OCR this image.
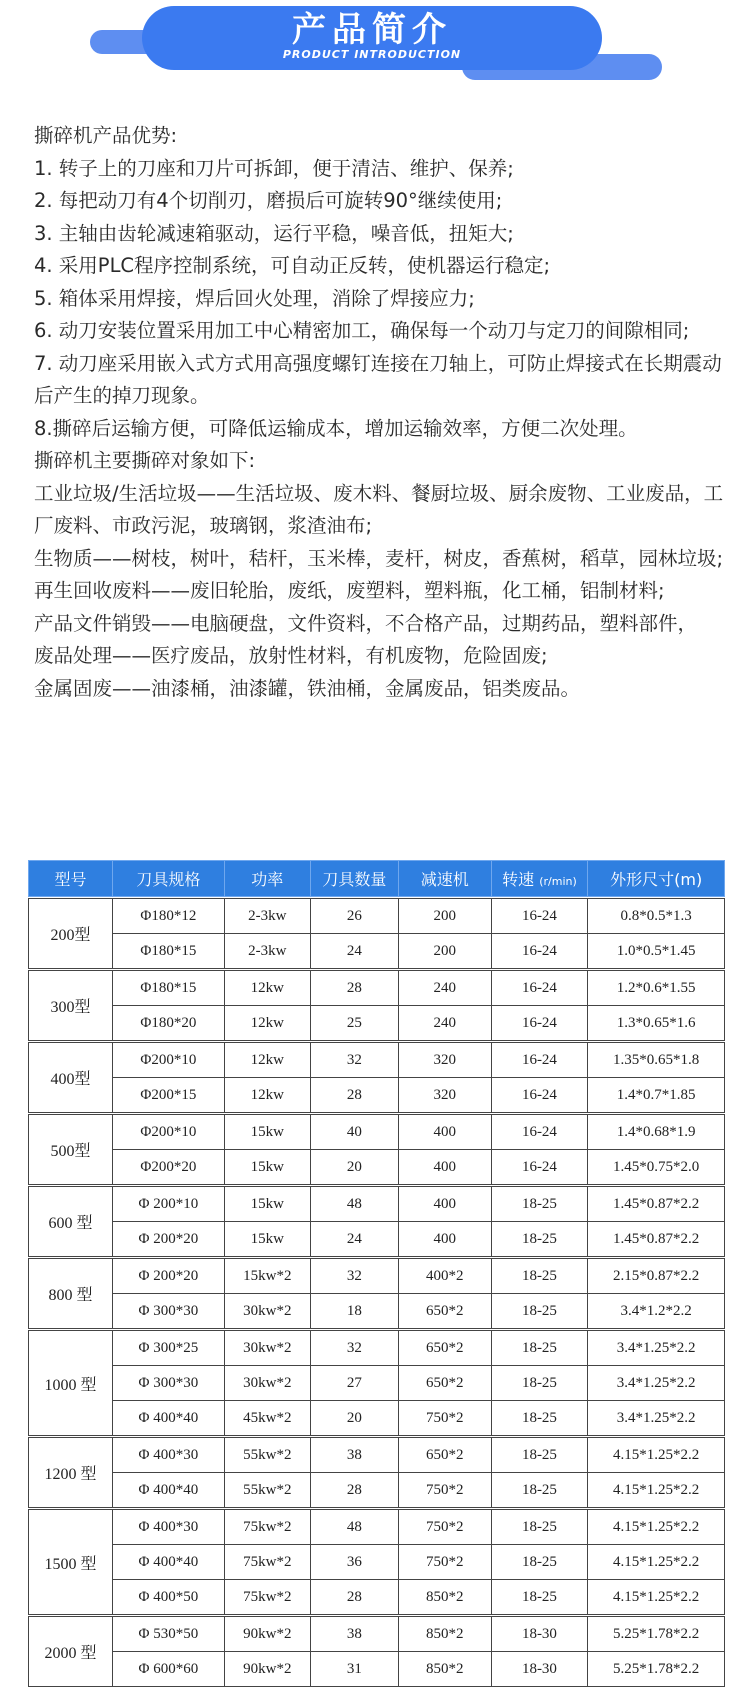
产品简介
PRODUCT INTRODUCTION

撕碎机产品优势:

1. 转子上的刀座和刀片可拆卸，便于清洁、维护、保养;

2. 每把动刀有4个切削刃，磨损后可旋转90°继续使用;

3. 主轴由齿轮减速箱驱动，运行平稳，噪音低，扭矩大;

4. 采用PLC程序控制系统，可自动正反转，使机器运行稳定;

5. 箱体采用焊接，焊后回火处理，消除了焊接应力;

6. 动刀安装位置采用加工中心精密加工，确保每一个动刀与定刀的间隙相同;

7. 动刀座采用嵌入式方式用高强度螺钉连接在刀轴上，可防止焊接式在长期震动后产生的掉刀现象。

8.撕碎后运输方便，可降低运输成本，增加运输效率，方便二次处理。

撕碎机主要撕碎对象如下:

工业垃圾/生活垃圾——生活垃圾、废木料、餐厨垃圾、厨余废物、工业废品，工厂废料、市政污泥，玻璃钢，浆渣油布;

生物质——树枝，树叶，秸杆，玉米棒，麦杆，树皮，香蕉树，稻草，园林垃圾;

再生回收废料——废旧轮胎，废纸，废塑料，塑料瓶，化工桶，铝制材料;

产品文件销毁——电脑硬盘，文件资料，不合格产品，过期药品，塑料部件，

废品处理——医疗废品，放射性材料，有机废物，危险固废;

金属固废——油漆桶，油漆罐，铁油桶，金属废品，铝类废品。

型号	刀具规格	功率	刀具数量	减速机	转速 (r/min)	外形尺寸(m)

200型	Φ180*12	2-3kw	26	200	16-24	0.8*0.5*1.3
	Φ180*15	2-3kw	24	200	16-24	1.0*0.5*1.45

300型	Φ180*15	12kw	28	240	16-24	1.2*0.6*1.55
	Φ180*20	12kw	25	240	16-24	1.3*0.65*1.6

400型	Φ200*10	12kw	32	320	16-24	1.35*0.65*1.8
	Φ200*15	12kw	28	320	16-24	1.4*0.7*1.85

500型	Φ200*10	15kw	40	400	16-24	1.4*0.68*1.9
	Φ200*20	15kw	20	400	16-24	1.45*0.75*2.0

600 型	Φ 200*10	15kw	48	400	18-25	1.45*0.87*2.2
	Φ 200*20	15kw	24	400	18-25	1.45*0.87*2.2

800 型	Φ 200*20	15kw*2	32	400*2	18-25	2.15*0.87*2.2
	Φ 300*30	30kw*2	18	650*2	18-25	3.4*1.2*2.2

1000 型	Φ 300*25	30kw*2	32	650*2	18-25	3.4*1.25*2.2
	Φ 300*30	30kw*2	27	650*2	18-25	3.4*1.25*2.2
	Φ 400*40	45kw*2	20	750*2	18-25	3.4*1.25*2.2

1200 型	Φ 400*30	55kw*2	38	650*2	18-25	4.15*1.25*2.2
	Φ 400*40	55kw*2	28	750*2	18-25	4.15*1.25*2.2

1500 型	Φ 400*30	75kw*2	48	750*2	18-25	4.15*1.25*2.2
	Φ 400*40	75kw*2	36	750*2	18-25	4.15*1.25*2.2
	Φ 400*50	75kw*2	28	850*2	18-25	4.15*1.25*2.2

2000 型	Φ 530*50	90kw*2	38	850*2	18-30	5.25*1.78*2.2
	Φ 600*60	90kw*2	31	850*2	18-30	5.25*1.78*2.2
